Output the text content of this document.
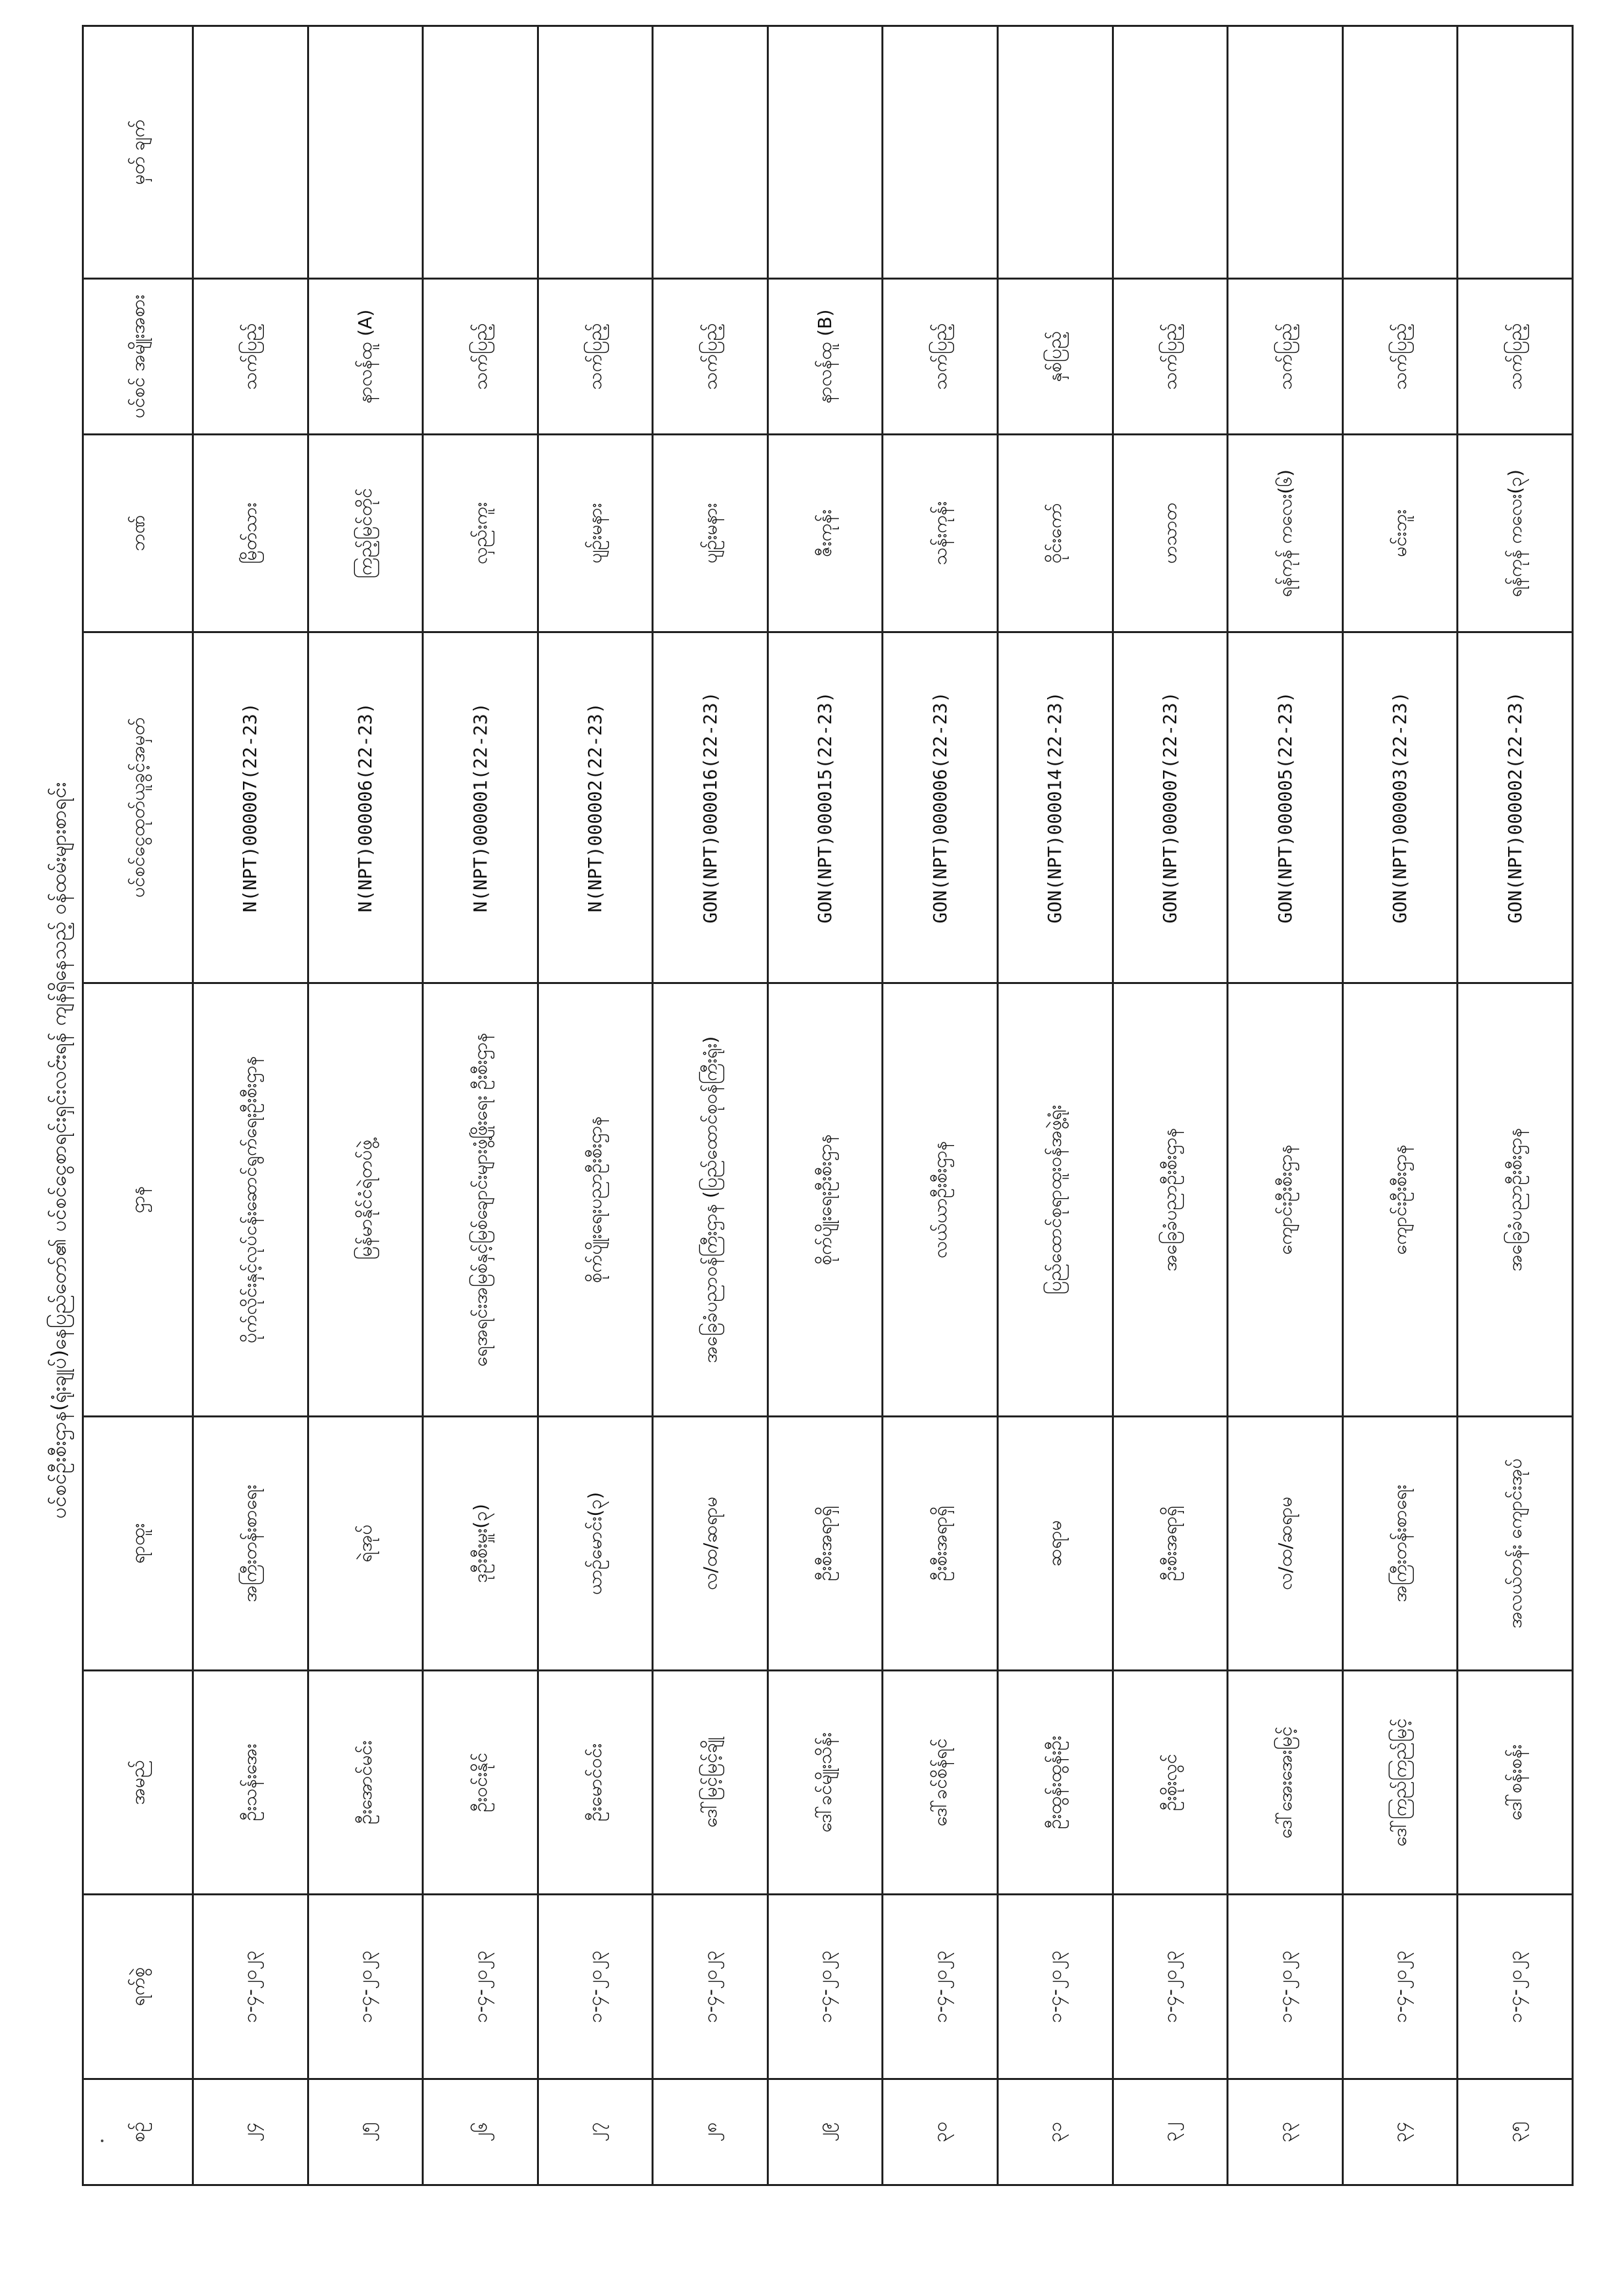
ပင်စင်ဦးစီးဌာန(ရုံးချုပ်)နေပြည်တော်၏ ပင်စင်ငွေစာရင်းရှင်းလင်းရန် ကျန်ရှိနေသည့် ဝန်ထမ်းများစာရင်း
စဉ်	ရက်စွဲ	အမည်	ရာထူး	ဌာန	ပင်စင်ငွေထုတ်ယူခွင့်အမှတ်	ဘဏ်	ပင်စင် အမျိုးအစား	မှတ် ချက်
၂၄	၁-၄-၂၀၂၃	ဦးသန်းအေး	အကြီးတန်းစာရေး	ပိုက်လိုင်းနှင့်လုပ်ငန်းဆောင်ရွက်ရေးဦးစီးဌာန	N(NPT)000007(22-23)	မြိတ်သား	သက်ပြည့်	
၂၅	၁-၄-၂၀၂၃	ဦးအောင်မင်း	ရဲအုပ်	မြန်မာနိုင်ငံရဲတပ်ဖွဲ့	N(NPT)000006(22-23)	ကြည့်မြင်တိုင်	နာလန်ထူ (A)	
၂၆	၁-၄-၂၀၂၃	ဦးဝင်းနိုင်	ဒုဦးစီးမှူး(၃)	ရေအရင်းအမြစ်နှင့်မြစ်ချောင်းများဖွံ့ဖြိုးရေး ဦးစီးဌာန	N(NPT)000001(22-23)	လှည်းကူး	သက်ပြည့်	
၂၇	၁-၄-၂၀၂၃	ဦးမောင်ဝင်း	ယာဉ်မောင်း(၃)	စိုက်ပျိုးရေးပညာဦးစီးဌာန	N(NPT)000002(22-23)	ပျဉ်းမနား	သက်ပြည့်	
၂၈	၁-၄-၂၀၂၃	ဒေါ်မြင့်မြင့်ချို	လ/ထ/ဆရာမ	အခြေခံပညာဝန်ကြီးဌာန (ပြည်ထောင်စုဝန်ကြီးရုံး)	GON(NPT)000016(22-23)	ပျဉ်းမနား	သက်ပြည့်	
၂၉	၁-၄-၂၀၂၃	ဒေါ်ခင်မျိုးသိန်း	ဦးစီးအရာရှိ	စိုက်ပျိုးရေးဦးစီးဌာန	GON(NPT)000015(22-23)	ဇီးကုန်း	နာလန်ထူ (B)	
၃၀	၁-၄-၂၀၂၃	ဒေါ်ခင်စိန်ရင်	ဦးစီးအရာရှိ	လယ်ယာဦးစီးဌာန	GON(NPT)000006(22-23)	သန်းကုန်း	သက်ပြည့်	
၃၁	၁-၄-၂၀၂၃	ဦးထွန်းထွန်းဦး	ဆရာမ	ပြည်ထောင်စုရာထူးဝန်အဖွဲ့ရုံး	GON(NPT)000014(22-23)	ဝိုင်းကော်	နှစ်ပြည့်	
၃၂	၁-၄-၂၀၂၃	ဦးစိုးလွင်	ဦးစီးအရာရှိ	အခြေခံပညာဦးစီးဌာန	GON(NPT)000007(22-23)	ဟသာတ	သက်ပြည့်	
၃၃	၁-၄-၂၀၂၃	ဒေါ်အေးအေးမြင့်	လ/ထ/ဆရာမ	ကျောင်းဦးစီးဌာန	GON(NPT)000005(22-23)	ရန်ကုန် ကလေး(၆)	သက်ပြည့်	
၃၄	၁-၄-၂၀၂၃	ဒေါ်ကြည်ကြည်မြင့်	အကြီးတန်းစာရေး	ကျောင်းဦးစီးဌာန	GON(NPT)000003(22-23)	မင်းဘူး	သက်ပြည့်	
၃၅	၁-၄-၂၀၂၃	ဒေါ်စန်းစန်း	အလယ်တန်း ကျောင်းအုပ်	အခြေခံပညာဦးစီးဌာန	GON(NPT)000002(22-23)	ရန်ကုန် ကလေး(၃)	သက်ပြည့်	
